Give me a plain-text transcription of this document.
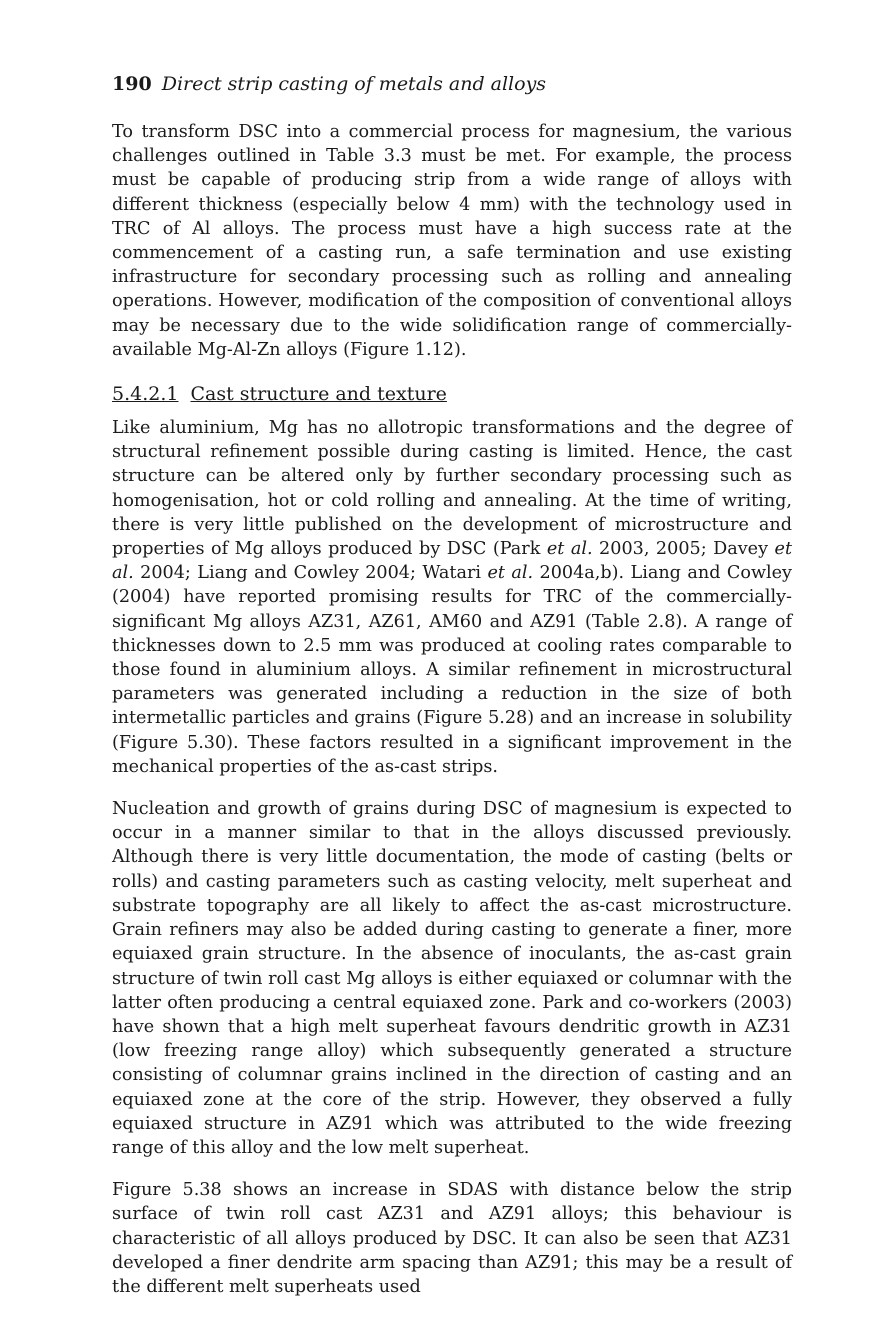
190 Direct strip casting of metals and alloys

To transform DSC into a commercial process for magnesium, the various challenges outlined in Table 3.3 must be met. For example, the process must be capable of producing strip from a wide range of alloys with different thickness (especially below 4 mm) with the technology used in TRC of Al alloys. The process must have a high success rate at the commencement of a casting run, a safe termination and use existing infrastructure for secondary processing such as rolling and annealing operations. However, modification of the composition of conventional alloys may be necessary due to the wide solidification range of commercially-available Mg-Al-Zn alloys (Figure 1.12).

5.4.2.1 Cast structure and texture

Like aluminium, Mg has no allotropic transformations and the degree of structural refinement possible during casting is limited. Hence, the cast structure can be altered only by further secondary processing such as homogenisation, hot or cold rolling and annealing. At the time of writing, there is very little published on the development of microstructure and properties of Mg alloys produced by DSC (Park et al. 2003, 2005; Davey et al. 2004; Liang and Cowley 2004; Watari et al. 2004a,b). Liang and Cowley (2004) have reported promising results for TRC of the commercially-significant Mg alloys AZ31, AZ61, AM60 and AZ91 (Table 2.8). A range of thicknesses down to 2.5 mm was produced at cooling rates comparable to those found in aluminium alloys. A similar refinement in microstructural parameters was generated including a reduction in the size of both intermetallic particles and grains (Figure 5.28) and an increase in solubility (Figure 5.30). These factors resulted in a significant improvement in the mechanical properties of the as-cast strips.

Nucleation and growth of grains during DSC of magnesium is expected to occur in a manner similar to that in the alloys discussed previously. Although there is very little documentation, the mode of casting (belts or rolls) and casting parameters such as casting velocity, melt superheat and substrate topography are all likely to affect the as-cast microstructure. Grain refiners may also be added during casting to generate a finer, more equiaxed grain structure. In the absence of inoculants, the as-cast grain structure of twin roll cast Mg alloys is either equiaxed or columnar with the latter often producing a central equiaxed zone. Park and co-workers (2003) have shown that a high melt superheat favours dendritic growth in AZ31 (low freezing range alloy) which subsequently generated a structure consisting of columnar grains inclined in the direction of casting and an equiaxed zone at the core of the strip. However, they observed a fully equiaxed structure in AZ91 which was attributed to the wide freezing range of this alloy and the low melt superheat.

Figure 5.38 shows an increase in SDAS with distance below the strip surface of twin roll cast AZ31 and AZ91 alloys; this behaviour is characteristic of all alloys produced by DSC. It can also be seen that AZ31 developed a finer dendrite arm spacing than AZ91; this may be a result of the different melt superheats used
